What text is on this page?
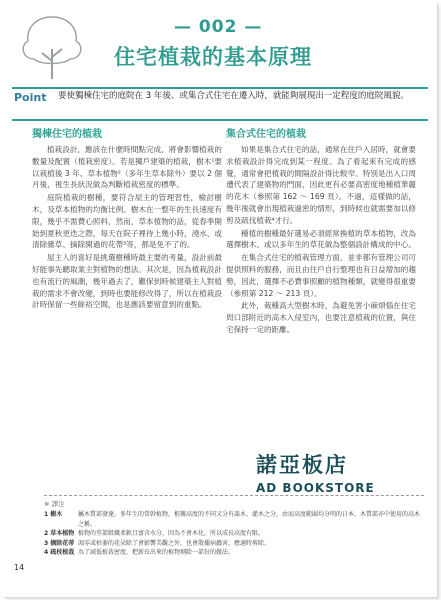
— 002 —
住宅植栽的基本原理
Point 要使獨棟住宅的庭院在 3 年後、或集合式住宅在遷入時，就能夠展現出一定程度的庭院風貌。
獨棟住宅的植栽

植栽設計，應該在什麼時間點完成，將會影響植栽的數量及配置（植栽密度）。若是獨戶建築的植栽，樹木¹要以栽植後 3 年、草本植物²（多年生草本除外）要以 2 個月後，視生長狀況做為判斷植栽密度的標準。

庭院植栽的樹種，要符合屋主的管理習性，檢討樹木，及草本植物的均衡比例。樹木在一整年的生長速度有限，幾乎不需費心照料，然而，草本植物的話，從春季開始到夏秋更迭之際，每天在院子裡待上幾小時，澆水、或清除雜草、摘除開過的花帶³等，都是免不了的。

屋主人的喜好是挑選樹種時最主要的考量，設計前最好能事先聽取業主對植物的想法。其次是，因為植栽設計也有流行的風潮，幾年過去了，難保到時候建築主人對植栽的需求不會改變，到時也要能修改得了，所以在植栽設計時保留一些餘裕空間，也是應該要留意到的重點。

集合式住宅的植栽

如果是集合式住宅的話，通常在住戶入居時，就會要求植栽設計得完成到某一程度。為了看起來有完成的感覺，通常會把植栽的間隔設計得比較窄。特別是出入口周遭代表了建築物的門面，因此更有必要高密度地種植華麗的花木（參照第 162 ～ 169 頁）。不過，這樣做的話，幾年後就會出現植栽過密的情形，到時候也就需要加以修剪及疏伐植栽⁴才行。

種植的樹種最好選易必須經常換植的草本植物，改為選擇樹木、或以多年生的草花做為整個設計構成的中心。

在集合式住宅的植栽管理方面，並非都有管理公司可提供照料的服務，而且由住戶自行整理也有日益增加的趨勢，因此，選擇不必費事照顧的植物種類，就變得很重要（參照第 212 ～ 213 頁）。

此外，栽種高大型樹木時，為避免害小麻煩惱在住宅周口部附近的高木入侵室內，也要注意植栽的位置，與住宅保持一定的距離。

諾亞板店
AD BOOKSTORE
※ 譯注
1 樹木	屬木質部發達，多年生的常幹植物，根據高度的不同又分有喬木、灌木之分，由而高度範圍均分明的日本，木質部亦中使用的高木之稱。
2 草本植物 植物的莖部組織柔軟且富含水分，因為不會木化，所以成長高度有限。
3 摘除花蒂 凋零或枯萎的花朵除了會影響美觀之外，也會散播病蟲害，應適時剪除。
4 疏枝植栽 為了減低植栽密度，把新長出來的植物剔除一部份的做法。
14
